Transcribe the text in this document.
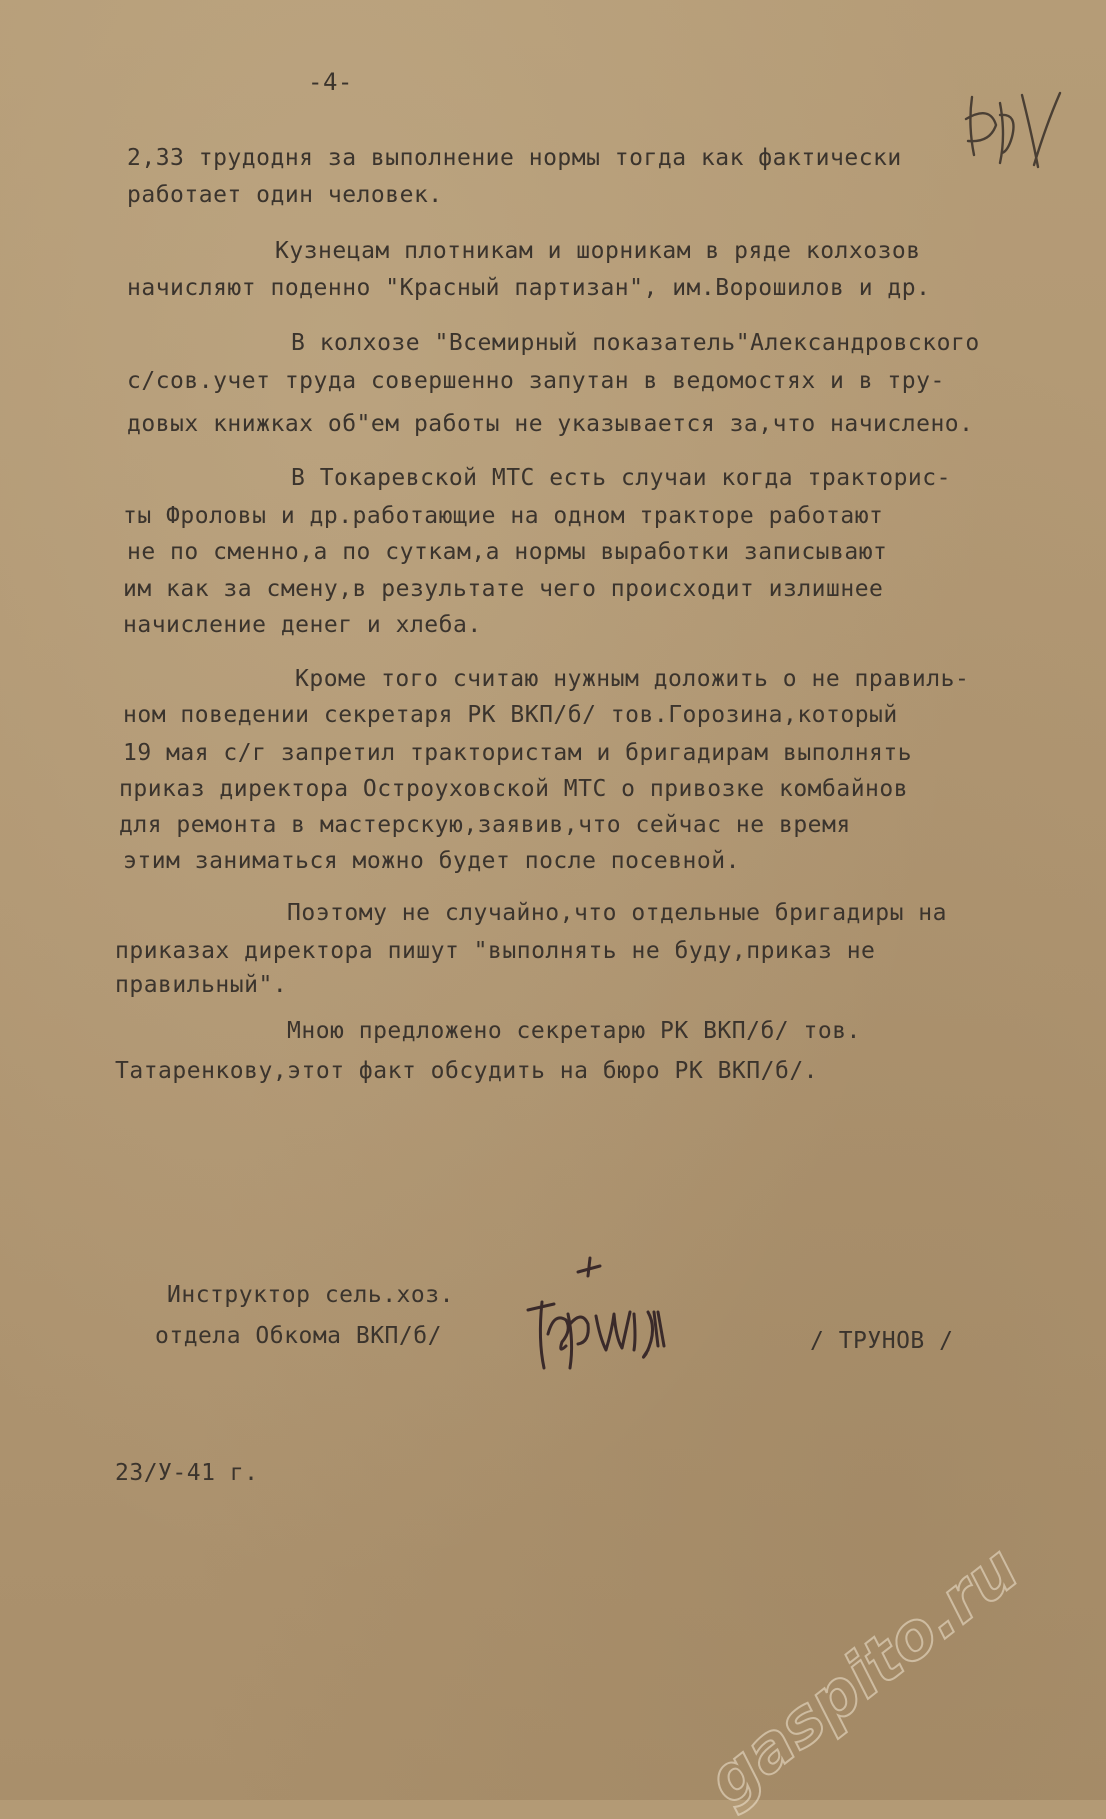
-4-
2,33 трудодня за выполнение нормы тогда как фактически
работает один человек.
Кузнецам плотникам и шорникам в ряде колхозов
начисляют поденно "Красный партизан", им.Ворошилов и др.
В колхозе "Всемирный показатель"Александровского
с/сов.учет труда совершенно запутан в ведомостях и в тру-
довых книжках об"ем работы не указывается за,что начислено.
В Токаревской МТС есть случаи когда тракторис-
ты Фроловы и др.работающие на одном тракторе работают
не по сменно,а по суткам,а нормы выработки записывают
им как за смену,в результате чего происходит излишнее
начисление денег и хлеба.
Кроме того считаю нужным доложить о не правиль-
ном поведении секретаря РК ВКП/б/ тов.Горозина,который
19 мая с/г запретил трактористам и бригадирам выполнять
приказ директора Остроуховской МТС о привозке комбайнов
для ремонта в мастерскую,заявив,что сейчас не время
этим заниматься можно будет после посевной.
Поэтому не случайно,что отдельные бригадиры на
приказах директора пишут "выполнять не буду,приказ не
правильный".
Мною предложено секретарю РК ВКП/б/ тов.
Татаренкову,этот факт обсудить на бюро РК ВКП/б/.
Инструктор сель.хоз.
отдела Обкома ВКП/б/	/ ТРУНОВ /
23/У-41 г.
gaspito.ru
